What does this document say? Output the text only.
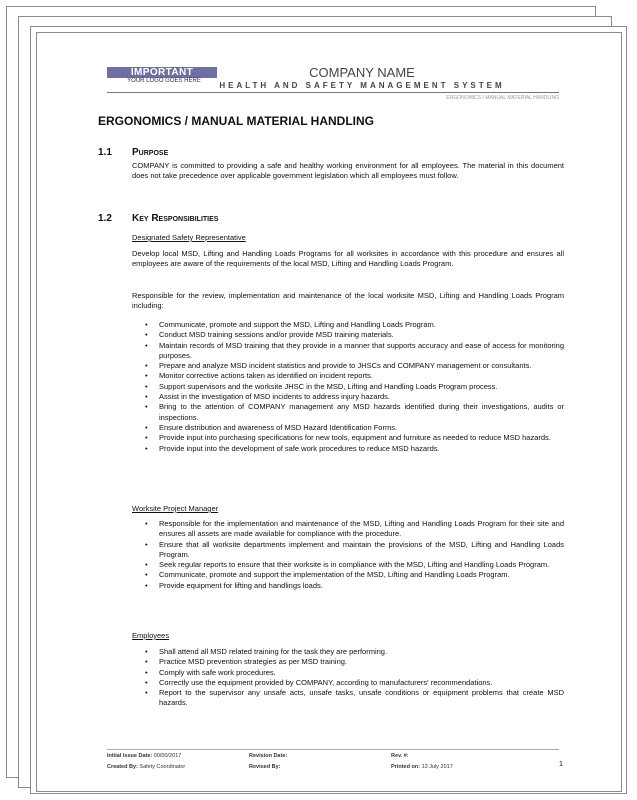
IMPORTANT
YOUR LOGO GOES HERE
COMPANY NAME
HEALTH AND SAFETY MANAGEMENT SYSTEM
ERGONOMICS / MANUAL MATERIAL HANDLING
ERGONOMICS / MANUAL MATERIAL HANDLING
1.1 Purpose
COMPANY is committed to providing a safe and healthy working environment for all employees. The material in this document does not take precedence over applicable government legislation which all employees must follow.
1.2 Key Responsibilities
Designated Safety Representative
Develop local MSD, Lifting and Handling Loads Programs for all worksites in accordance with this procedure and ensures all employees are aware of the requirements of the local MSD, Lifting and Handling Loads Program.
Responsible for the review, implementation and maintenance of the local worksite MSD, Lifting and Handling Loads Program including:
• Communicate, promote and support the MSD, Lifting and Handling Loads Program.
• Conduct MSD training sessions and/or provide MSD training materials.
• Maintain records of MSD training that they provide in a manner that supports accuracy and ease of access for monitoring purposes.
• Prepare and analyze MSD incident statistics and provide to JHSCs and COMPANY management or consultants.
• Monitor corrective actions taken as identified on incident reports.
• Support supervisors and the worksite JHSC in the MSD, Lifting and Handling Loads Program process.
• Assist in the investigation of MSD incidents to address injury hazards.
• Bring to the attention of COMPANY management any MSD hazards identified during their investigations, audits or inspections.
• Ensure distribution and awareness of MSD Hazard Identification Forms.
• Provide input into purchasing specifications for new tools, equipment and furniture as needed to reduce MSD hazards.
• Provide input into the development of safe work procedures to reduce MSD hazards.
Worksite Project Manager
• Responsible for the implementation and maintenance of the MSD, Lifting and Handling Loads Program for their site and ensures all assets are made available for compliance with the procedure.
• Ensure that all worksite departments implement and maintain the provisions of the MSD, Lifting and Handling Loads Program.
• Seek regular reports to ensure that their worksite is in compliance with the MSD, Lifting and Handling Loads Program.
• Communicate, promote and support the implementation of the MSD, Lifting and Handling Loads Program.
• Provide equipment for lifting and handlings loads.
Employees
• Shall attend all MSD related training for the task they are performing.
• Practice MSD prevention strategies as per MSD training.
• Comply with safe work procedures.
• Correctly use the equipment provided by COMPANY, according to manufacturers' recommendations.
• Report to the supervisor any unsafe acts, unsafe tasks, unsafe conditions or equipment problems that create MSD hazards.
Initial Issue Date: 00/00/2017
Created By: Safety Coordinator
Revision Date:
Revised By:
Rev. #:
Printed on: 13 July 2017	1
